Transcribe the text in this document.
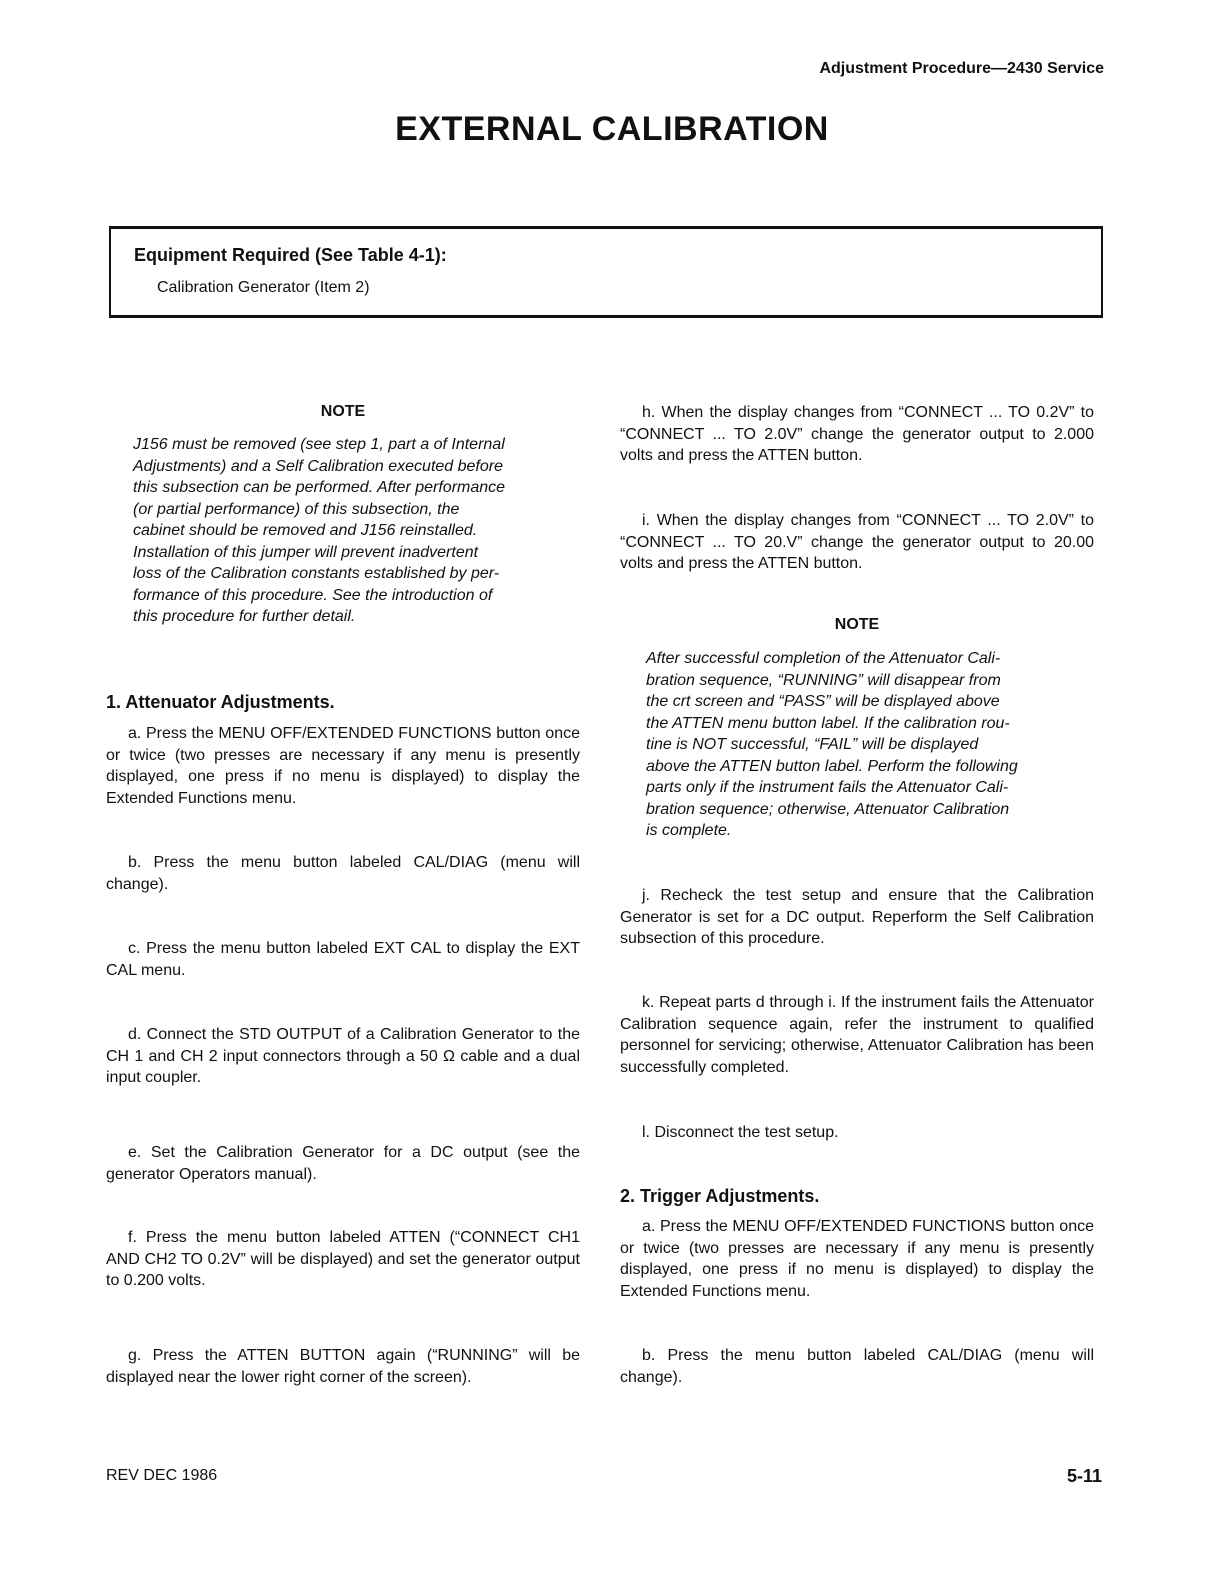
Adjustment Procedure—2430 Service
EXTERNAL CALIBRATION
Equipment Required (See Table 4-1):
Calibration Generator (Item 2)
NOTE
J156 must be removed (see step 1, part a of Internal
Adjustments) and a Self Calibration executed before
this subsection can be performed. After performance
(or partial performance) of this subsection, the
cabinet should be removed and J156 reinstalled.
Installation of this jumper will prevent inadvertent
loss of the Calibration constants established by per-
formance of this procedure. See the introduction of
this procedure for further detail.
1. Attenuator Adjustments.

a. Press the MENU OFF/EXTENDED FUNCTIONS button once or twice (two presses are necessary if any menu is presently displayed, one press if no menu is displayed) to display the Extended Functions menu.

b. Press the menu button labeled CAL/DIAG (menu will change).

c. Press the menu button labeled EXT CAL to display the EXT CAL menu.

d. Connect the STD OUTPUT of a Calibration Generator to the CH 1 and CH 2 input connectors through a 50 Ω cable and a dual input coupler.

e. Set the Calibration Generator for a DC output (see the generator Operators manual).

f. Press the menu button labeled ATTEN (“CONNECT CH1 AND CH2 TO 0.2V” will be displayed) and set the generator output to 0.200 volts.

g. Press the ATTEN BUTTON again (“RUNNING” will be displayed near the lower right corner of the screen).

h. When the display changes from “CONNECT ... TO 0.2V” to “CONNECT ... TO 2.0V” change the generator output to 2.000 volts and press the ATTEN button.

i. When the display changes from “CONNECT ... TO 2.0V” to “CONNECT ... TO 20.V” change the generator output to 20.00 volts and press the ATTEN button.

NOTE
After successful completion of the Attenuator Cali-
bration sequence, “RUNNING” will disappear from
the crt screen and “PASS” will be displayed above
the ATTEN menu button label. If the calibration rou-
tine is NOT successful, “FAIL” will be displayed
above the ATTEN button label. Perform the following
parts only if the instrument fails the Attenuator Cali-
bration sequence; otherwise, Attenuator Calibration
is complete.

j. Recheck the test setup and ensure that the Calibration Generator is set for a DC output. Reperform the Self Calibration subsection of this procedure.

k. Repeat parts d through i. If the instrument fails the Attenuator Calibration sequence again, refer the instrument to qualified personnel for servicing; otherwise, Attenuator Calibration has been successfully completed.

l. Disconnect the test setup.

2. Trigger Adjustments.

a. Press the MENU OFF/EXTENDED FUNCTIONS button once or twice (two presses are necessary if any menu is presently displayed, one press if no menu is displayed) to display the Extended Functions menu.

b. Press the menu button labeled CAL/DIAG (menu will change).

REV DEC 1986	5-11
